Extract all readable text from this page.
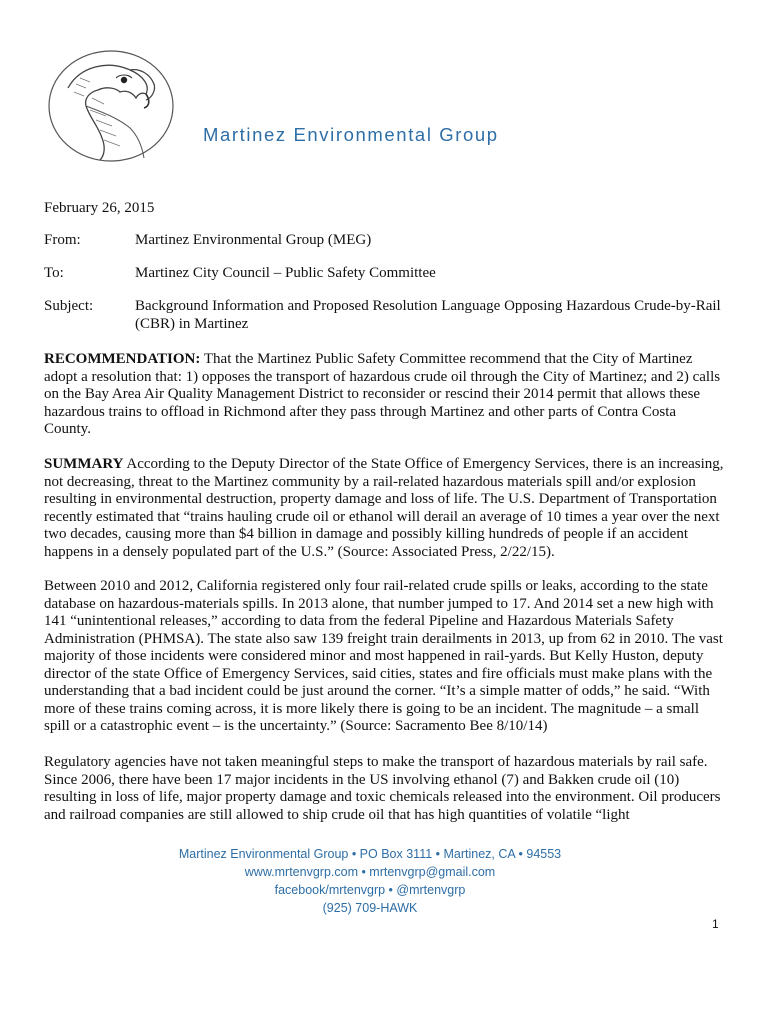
Martinez Environmental Group
February 26, 2015
From:	Martinez Environmental Group (MEG)
To:	Martinez City Council – Public Safety Committee
Subject:	Background Information and Proposed Resolution Language Opposing Hazardous Crude-by-Rail (CBR) in Martinez

RECOMMENDATION: That the Martinez Public Safety Committee recommend that the City of Martinez adopt a resolution that: 1) opposes the transport of hazardous crude oil through the City of Martinez; and 2) calls on the Bay Area Air Quality Management District to reconsider or rescind their 2014 permit that allows these hazardous trains to offload in Richmond after they pass through Martinez and other parts of Contra Costa County.

SUMMARY According to the Deputy Director of the State Office of Emergency Services, there is an increasing, not decreasing, threat to the Martinez community by a rail-related hazardous materials spill and/or explosion resulting in environmental destruction, property damage and loss of life. The U.S. Department of Transportation recently estimated that “trains hauling crude oil or ethanol will derail an average of 10 times a year over the next two decades, causing more than $4 billion in damage and possibly killing hundreds of people if an accident happens in a densely populated part of the U.S.” (Source: Associated Press, 2/22/15).

Between 2010 and 2012, California registered only four rail-related crude spills or leaks, according to the state database on hazardous-materials spills. In 2013 alone, that number jumped to 17. And 2014 set a new high with 141 “unintentional releases,” according to data from the federal Pipeline and Hazardous Materials Safety Administration (PHMSA). The state also saw 139 freight train derailments in 2013, up from 62 in 2010. The vast majority of those incidents were considered minor and most happened in rail-yards. But Kelly Huston, deputy director of the state Office of Emergency Services, said cities, states and fire officials must make plans with the understanding that a bad incident could be just around the corner. “It’s a simple matter of odds,” he said. “With more of these trains coming across, it is more likely there is going to be an incident. The magnitude – a small spill or a catastrophic event – is the uncertainty.” (Source: Sacramento Bee 8/10/14)

Regulatory agencies have not taken meaningful steps to make the transport of hazardous materials by rail safe. Since 2006, there have been 17 major incidents in the US involving ethanol (7) and Bakken crude oil (10) resulting in loss of life, major property damage and toxic chemicals released into the environment. Oil producers and railroad companies are still allowed to ship crude oil that has high quantities of volatile “light

Martinez Environmental Group • PO Box 3111 • Martinez, CA • 94553
www.mrtenvgrp.com • mrtenvgrp@gmail.com
facebook/mrtenvgrp • @mrtenvgrp
(925) 709-HAWK
1
